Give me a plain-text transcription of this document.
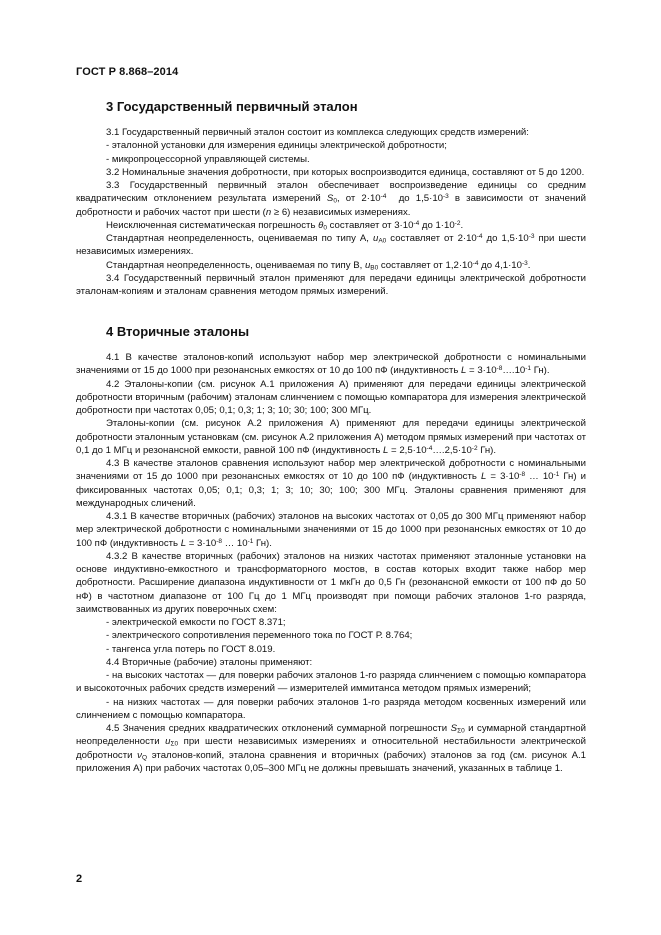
ГОСТ Р 8.868–2014
3 Государственный первичный эталон

3.1 Государственный первичный эталон состоит из комплекса следующих средств измерений:

- эталонной установки для измерения единицы электрической добротности;

- микропроцессорной управляющей системы.

3.2 Номинальные значения добротности, при которых воспроизводится единица, составляют от 5 до 1200.

3.3 Государственный первичный эталон обеспечивает воспроизведение единицы со средним квадратическим отклонением результата измерений $S_0$, от $2\cdot 10^{-4}$  до $1,5\cdot 10^{-3}$ в зависимости от значений добротности и рабочих частот при шести (n ≥ 6) независимых измерениях.

Неисключенная систематическая погрешность $\theta_0$ составляет от $3\cdot 10^{-4}$ до $1\cdot 10^{-2}$.

Стандартная неопределенность, оцениваемая по типу А, $u_{А0}$ составляет от $2\cdot 10^{-4}$ до $1,5\cdot 10^{-3}$ при шести независимых измерениях.

Стандартная неопределенность, оцениваемая по типу В, $u_{В0}$ составляет от $1,2\cdot 10^{-4}$ до $4,1\cdot 10^{-3}$.

3.4 Государственный первичный эталон применяют для передачи единицы электрической добротности эталонам-копиям и эталонам сравнения методом прямых измерений.

4 Вторичные эталоны

4.1 В качестве эталонов-копий используют набор мер электрической добротности с номинальными значениями от 15 до 1000 при резонансных емкостях от 10 до 100 пФ (индуктивность $L = 3\cdot 10^{-8}\dots.10^{-1}$ Гн).

4.2 Эталоны-копии (см. рисунок А.1 приложения А) применяют для передачи единицы электрической добротности вторичным (рабочим) эталонам слинчением с помощью компаратора для измерения электрической добротности при частотах 0,05; 0,1; 0,3; 1; 3; 10; 30; 100; 300 МГц.

Эталоны-копии (см. рисунок А.2 приложения А) применяют для передачи единицы электрической добротности эталонным установкам (см. рисунок А.2 приложения А) методом прямых измерений при частотах от 0,1 до 1 МГц и резонансной емкости, равной 100 пФ (индуктивность $L = 2,5\cdot 10^{-4}\dots.2,5\cdot 10^{-2}$ Гн).

4.3 В качестве эталонов сравнения используют набор мер электрической добротности с номинальными значениями от 15 до 1000 при резонансных емкостях от 10 до 100 пФ (индуктивность $L = 3\cdot 10^{-8}$ … $10^{-1}$ Гн) и фиксированных частотах 0,05; 0,1; 0,3; 1; 3; 10; 30; 100; 300 МГц. Эталоны сравнения применяют для международных сличений.

4.3.1 В качестве вторичных (рабочих) эталонов на высоких частотах от 0,05 до 300 МГц применяют набор мер электрической добротности с номинальными значениями от 15 до 1000 при резонансных емкостях от 10 до 100 пФ (индуктивность $L = 3\cdot 10^{-8}$ … $10^{-1}$ Гн).

4.3.2 В качестве вторичных (рабочих) эталонов на низких частотах применяют эталонные установки на основе индуктивно-емкостного и трансформаторного мостов, в состав которых входит также набор мер добротности. Расширение диапазона индуктивности от 1 мкГн до 0,5 Гн (резонансной емкости от 100 пФ до 50 нФ) в частотном диапазоне от 100 Гц до 1 МГц производят при помощи рабочих эталонов 1-го разряда, заимствованных из других поверочных схем:

- электрической емкости по ГОСТ 8.371;

- электрического сопротивления переменного тока по ГОСТ Р. 8.764;

- тангенса угла потерь по ГОСТ 8.019.

4.4 Вторичные (рабочие) эталоны применяют:

- на высоких частотах — для поверки рабочих эталонов 1-го разряда слинчением с помощью компаратора и высокоточных рабочих средств измерений — измерителей иммитанса методом прямых измерений;

- на низких частотах — для поверки рабочих эталонов 1-го разряда методом косвенных измерений или слинчением с помощью компаратора.

4.5 Значения средних квадратических отклонений суммарной погрешности $S_{\Sigma 0}$ и суммарной стандартной неопределенности $u_{\Sigma 0}$ при шести независимых измерениях и относительной нестабильности электрической добротности $\nu_Q$ эталонов-копий, эталона сравнения и вторичных (рабочих) эталонов за год (см. рисунок А.1 приложения А) при рабочих частотах 0,05–300 МГц не должны превышать значений, указанных в таблице 1.

2
